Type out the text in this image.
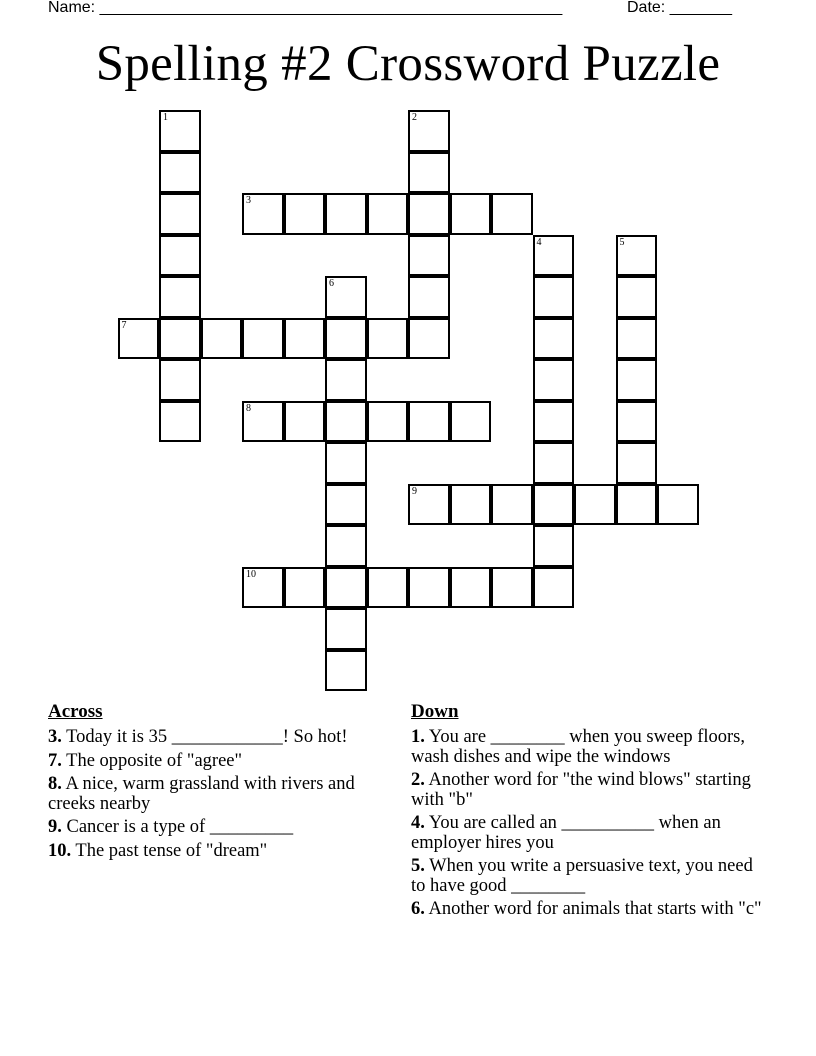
Name: ____________________________________________________	Date: _______
Spelling #2 Crossword Puzzle
1	2
3
4	5
6
7
8
9
10
Across
3. Today it is 35 ____________! So hot!
7. The opposite of "agree"
8. A nice, warm grassland with rivers and creeks nearby
9. Cancer is a type of _________
10. The past tense of "dream"
Down
1. You are ________ when you sweep floors, wash dishes and wipe the windows
2. Another word for "the wind blows" starting with "b"
4. You are called an __________ when an employer hires you
5. When you write a persuasive text, you need to have good ________
6. Another word for animals that starts with "c"
